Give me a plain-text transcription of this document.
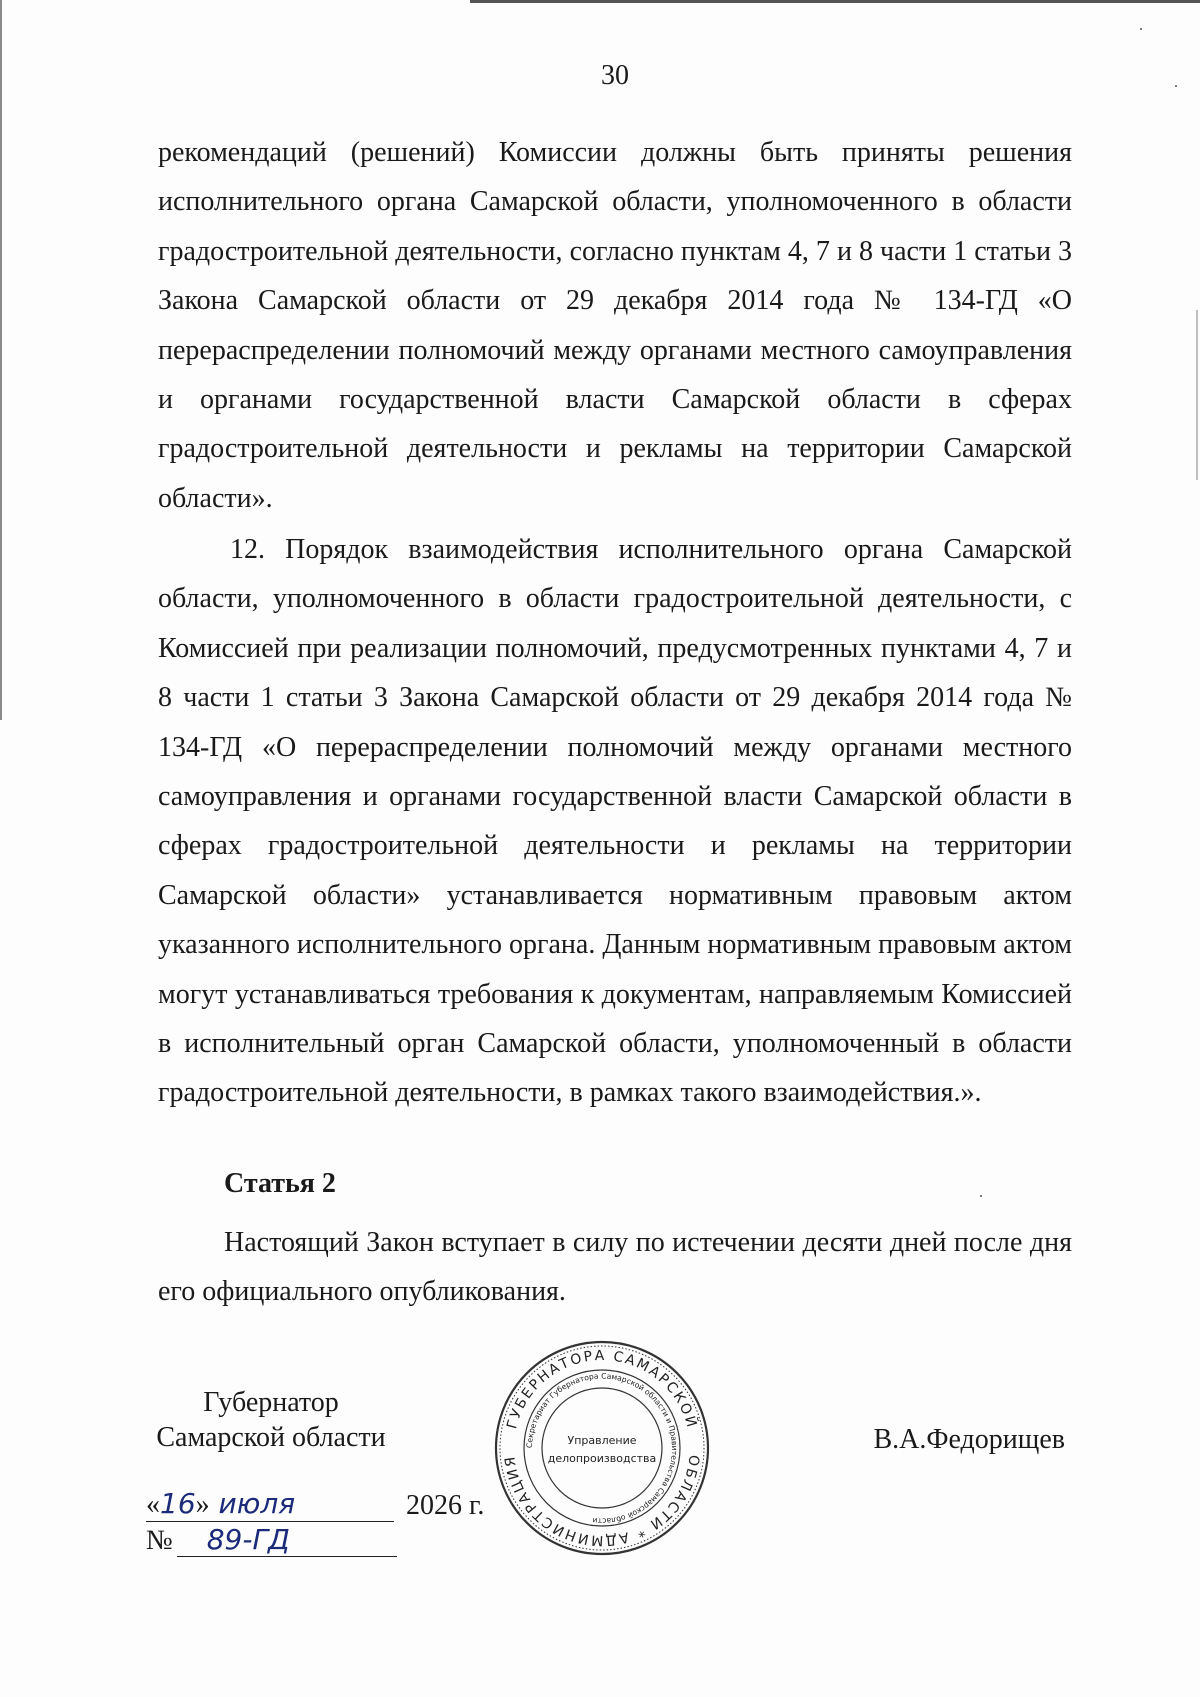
30

рекомендаций (решений) Комиссии должны быть приняты решения исполнительного органа Самарской области, уполномоченного в области градостроительной деятельности, согласно пунктам 4, 7 и 8 части 1 статьи 3 Закона Самарской области от 29 декабря 2014 года № 134-ГД «О перераспределении полномочий между органами местного самоуправления и органами государственной власти Самарской области в сферах градостроительной деятельности и рекламы на территории Самарской области».

12. Порядок взаимодействия исполнительного органа Самарской области, уполномоченного в области градостроительной деятельности, с Комиссией при реализации полномочий, предусмотренных пунктами 4, 7 и 8 части 1 статьи 3 Закона Самарской области от 29 декабря 2014 года № 134-ГД «О перераспределении полномочий между органами местного самоуправления и органами государственной власти Самарской области в сферах градостроительной деятельности и рекламы на территории Самарской области» устанавливается нормативным правовым актом указанного исполнительного органа. Данным нормативным правовым актом могут устанавливаться требования к документам, направляемым Комиссией в исполнительный орган Самарской области, уполномоченный в области градостроительной деятельности, в рамках такого взаимодействия.».

Статья 2

Настоящий Закон вступает в силу по истечении десяти дней после дня его официального опубликования.

Губернатор
Самарской области
«16» июля	2026 г.
№	89-ГД
В.А.Федорищев
ГУБЕРНАТОРА САМАРСКОЙ
ОБЛАСТИ * АДМИНИСТРАЦИЯ
Секретариат Губернатора Самарской области и Правительства Самарской области
Управление
делопроизводства
